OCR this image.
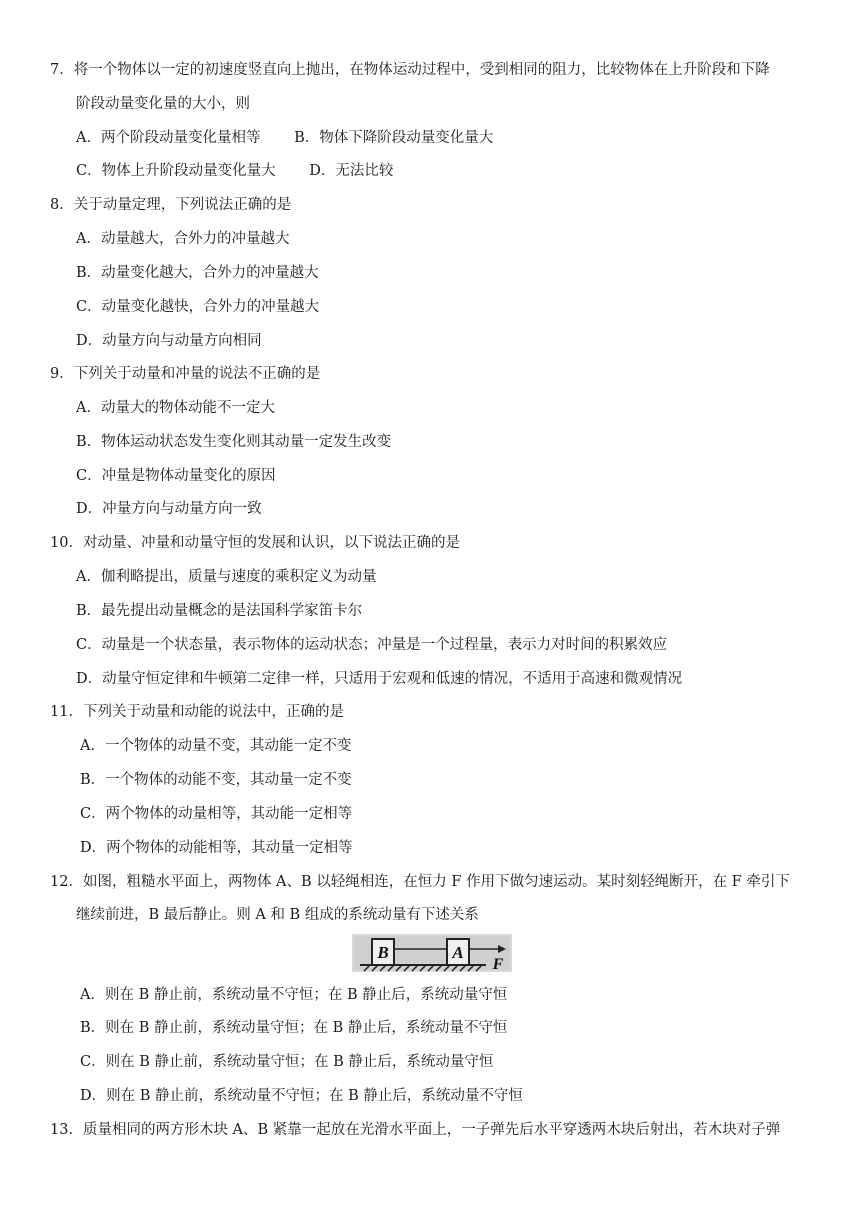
7．将一个物体以一定的初速度竖直向上抛出，在物体运动过程中，受到相同的阻力，比较物体在上升阶段和下降
阶段动量变化量的大小，则
A．两个阶段动量变化量相等　　 B．物体下降阶段动量变化量大
C．物体上升阶段动量变化量大　　 D．无法比较
8．关于动量定理，下列说法正确的是
A．动量越大，合外力的冲量越大
B．动量变化越大，合外力的冲量越大
C．动量变化越快，合外力的冲量越大
D．动量方向与动量方向相同
9．下列关于动量和冲量的说法不正确的是
A．动量大的物体动能不一定大
B．物体运动状态发生变化则其动量一定发生改变
C．冲量是物体动量变化的原因
D．冲量方向与动量方向一致
10．对动量、冲量和动量守恒的发展和认识，以下说法正确的是
A．伽利略提出，质量与速度的乘积定义为动量
B．最先提出动量概念的是法国科学家笛卡尔
C．动量是一个状态量，表示物体的运动状态；冲量是一个过程量，表示力对时间的积累效应
D．动量守恒定律和牛顿第二定律一样，只适用于宏观和低速的情况，不适用于高速和微观情况
11．下列关于动量和动能的说法中，正确的是
A．一个物体的动量不变，其动能一定不变
B．一个物体的动能不变，其动量一定不变
C．两个物体的动量相等，其动能一定相等
D．两个物体的动能相等，其动量一定相等
12．如图，粗糙水平面上，两物体 A、B 以轻绳相连，在恒力 F 作用下做匀速运动。某时刻轻绳断开，在 F 牵引下
继续前进，B 最后静止。则 A 和 B 组成的系统动量有下述关系
B	A
F
A．则在 B 静止前，系统动量不守恒；在 B 静止后，系统动量守恒
B．则在 B 静止前，系统动量守恒；在 B 静止后，系统动量不守恒
C．则在 B 静止前，系统动量守恒；在 B 静止后，系统动量守恒
D．则在 B 静止前，系统动量不守恒；在 B 静止后，系统动量不守恒
13．质量相同的两方形木块 A、B 紧靠一起放在光滑水平面上，一子弹先后水平穿透两木块后射出，若木块对子弹
